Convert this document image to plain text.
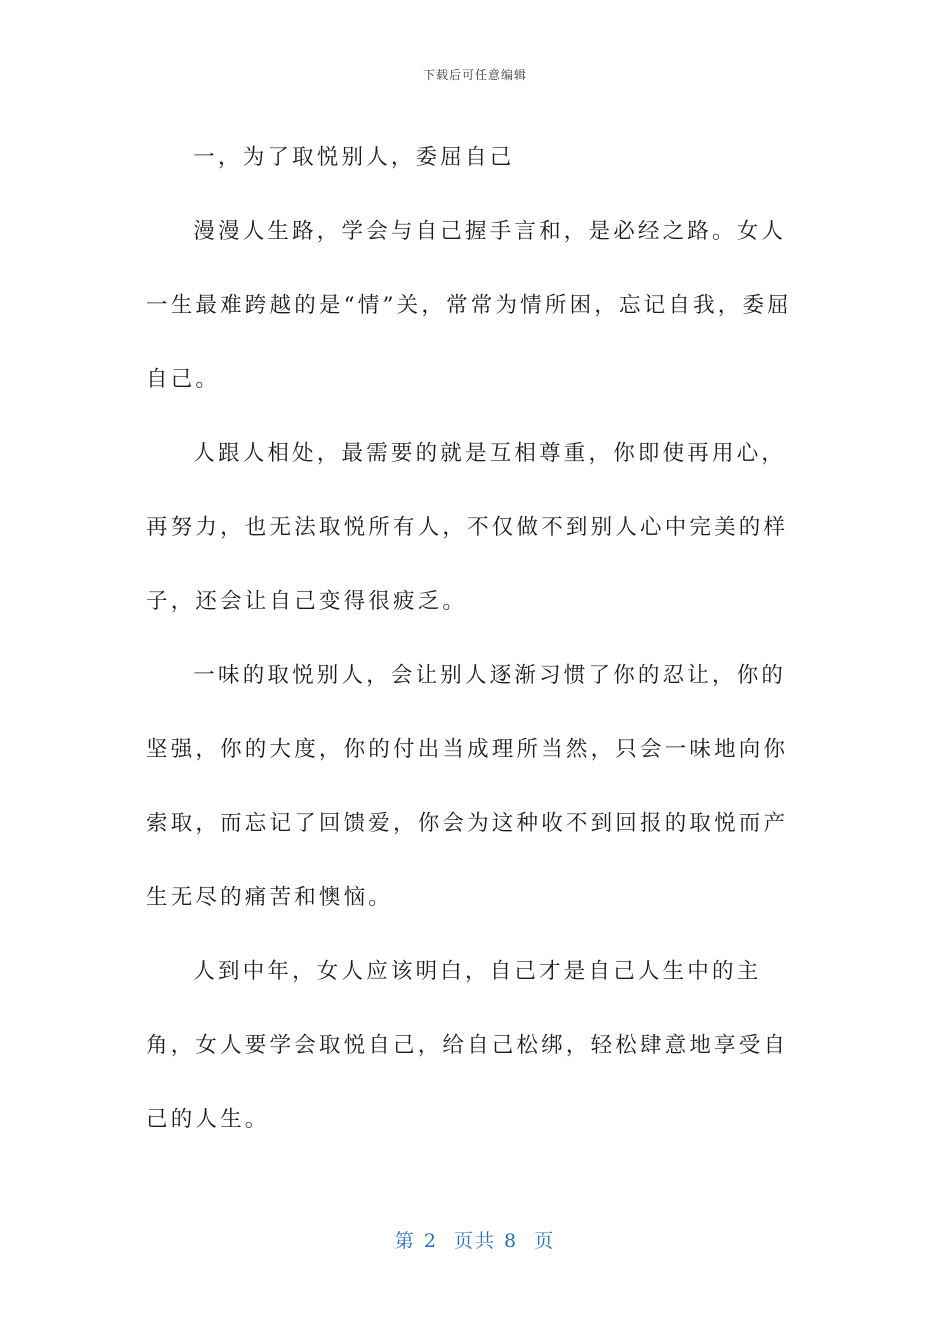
下载后可任意编辑

一，为了取悦别人，委屈自己

漫漫人生路，学会与自己握手言和，是必经之路。女人一生最难跨越的是“情”关，常常为情所困，忘记自我，委屈自己。

人跟人相处，最需要的就是互相尊重，你即使再用心，再努力，也无法取悦所有人，不仅做不到别人心中完美的样子，还会让自己变得很疲乏。

一味的取悦别人，会让别人逐渐习惯了你的忍让，你的坚强，你的大度，你的付出当成理所当然，只会一味地向你索取，而忘记了回馈爱，你会为这种收不到回报的取悦而产生无尽的痛苦和懊恼。

人到中年，女人应该明白，自己才是自己人生中的主角，女人要学会取悦自己，给自己松绑，轻松肆意地享受自己的人生。

第 2  页共 8  页
